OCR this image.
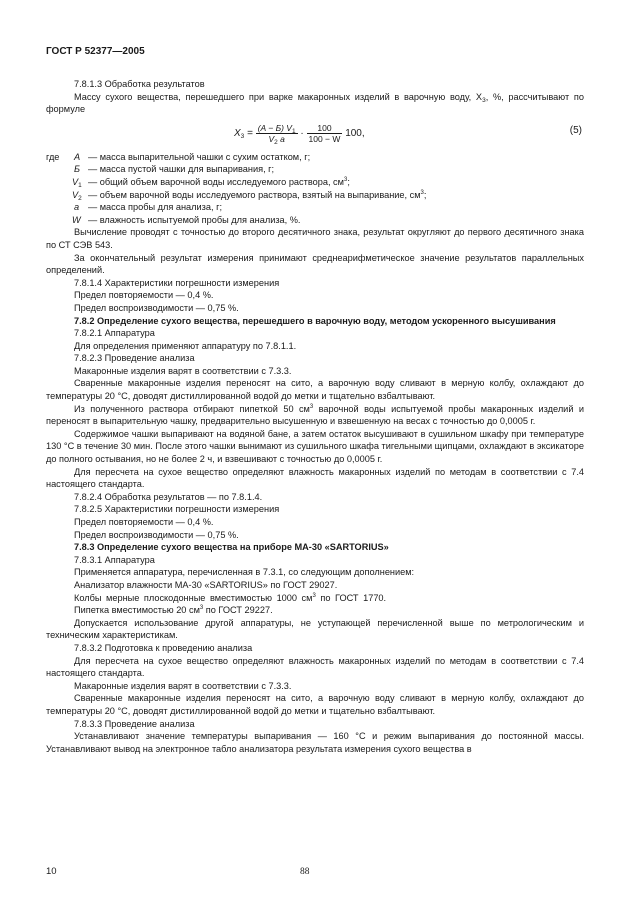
ГОСТ Р 52377—2005

7.8.1.3 Обработка результатов

Массу сухого вещества, перешедшего при варке макаронных изделий в варочную воду, $X_3$, %, рассчитывают по формуле

$X_3 = \frac{(A - Б) V_1}{V_2 a} \cdot \frac{100}{100 - W} 100$,	(5)
где A — масса выпарительной чашки с сухим остатком, г;
Б — масса пустой чашки для выпаривания, г;
$V_1$ — общий объем варочной воды исследуемого раствора, $см^3$;
$V_2$ — объем варочной воды исследуемого раствора, взятый на выпаривание, $см^3$;
a — масса пробы для анализа, г;
W — влажность испытуемой пробы для анализа, %.

Вычисление проводят с точностью до второго десятичного знака, результат округляют до первого десятичного знака по СТ СЭВ 543.

За окончательный результат измерения принимают среднеарифметическое значение результатов параллельных определений.

7.8.1.4 Характеристики погрешности измерения

Предел повторяемости — 0,4 %.

Предел воспроизводимости — 0,75 %.

7.8.2 Определение сухого вещества, перешедшего в варочную воду, методом ускоренного высушивания

7.8.2.1 Аппаратура

Для определения применяют аппаратуру по 7.8.1.1.

7.8.2.3 Проведение анализа

Макаронные изделия варят в соответствии с 7.3.3.

Сваренные макаронные изделия переносят на сито, а варочную воду сливают в мерную колбу, охлаждают до температуры 20 °С, доводят дистиллированной водой до метки и тщательно взбалтывают.

Из полученного раствора отбирают пипеткой 50 $см^3$ варочной воды испытуемой пробы макаронных изделий и переносят в выпарительную чашку, предварительно высушенную и взвешенную на весах с точностью до 0,0005 г.

Содержимое чашки выпаривают на водяной бане, а затем остаток высушивают в сушильном шкафу при температуре 130 °С в течение 30 мин. После этого чашки вынимают из сушильного шкафа тигельными щипцами, охлаждают в эксикаторе до полного остывания, но не более 2 ч, и взвешивают с точностью до 0,0005 г.

Для пересчета на сухое вещество определяют влажность макаронных изделий по методам в соответствии с 7.4 настоящего стандарта.

7.8.2.4 Обработка результатов — по 7.8.1.4.

7.8.2.5 Характеристики погрешности измерения

Предел повторяемости — 0,4 %.

Предел воспроизводимости — 0,75 %.

7.8.3 Определение сухого вещества на приборе МА-30 «SARTORIUS»

7.8.3.1 Аппаратура

Применяется аппаратура, перечисленная в 7.3.1, со следующим дополнением:

Анализатор влажности МА-30 «SARTORIUS» по ГОСТ 29027.

Колбы мерные плоскодонные вместимостью 1000 $см^3$ по ГОСТ 1770.

Пипетка вместимостью 20 $см^3$ по ГОСТ 29227.

Допускается использование другой аппаратуры, не уступающей перечисленной выше по метрологическим и техническим характеристикам.

7.8.3.2 Подготовка к проведению анализа

Для пересчета на сухое вещество определяют влажность макаронных изделий по методам в соответствии с 7.4 настоящего стандарта.

Макаронные изделия варят в соответствии с 7.3.3.

Сваренные макаронные изделия переносят на сито, а варочную воду сливают в мерную колбу, охлаждают до температуры 20 °С, доводят дистиллированной водой до метки и тщательно взбалтывают.

7.8.3.3 Проведение анализа

Устанавливают значение температуры выпаривания — 160 °С и режим выпаривания до постоянной массы. Устанавливают вывод на электронное табло анализатора результата измерения сухого вещества в

10	88
